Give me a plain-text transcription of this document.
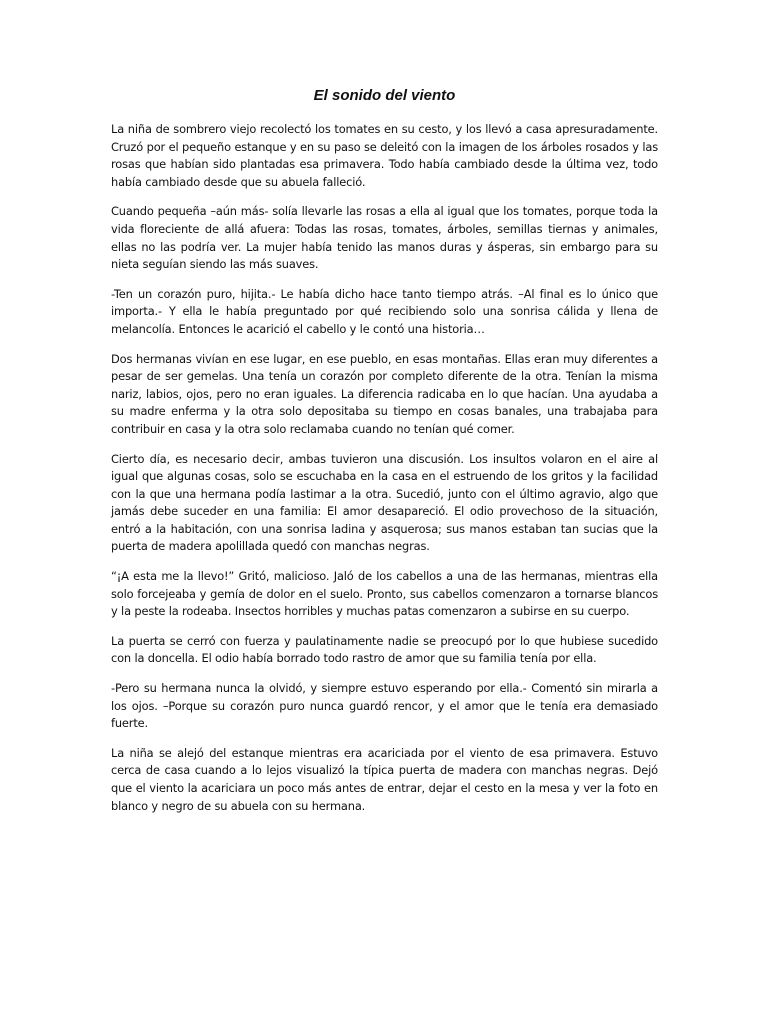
El sonido del viento

La niña de sombrero viejo recolectó los tomates en su cesto, y los llevó a casa apresuradamente. Cruzó por el pequeño estanque y en su paso se deleitó con la imagen de los árboles rosados y las rosas que habían sido plantadas esa primavera. Todo había cambiado desde la última vez, todo había cambiado desde que su abuela falleció.

Cuando pequeña –aún más- solía llevarle las rosas a ella al igual que los tomates, porque toda la vida floreciente de allá afuera: Todas las rosas, tomates, árboles, semillas tiernas y animales, ellas no las podría ver. La mujer había tenido las manos duras y ásperas, sin embargo para su nieta seguían siendo las más suaves.

-Ten un corazón puro, hijita.- Le había dicho hace tanto tiempo atrás. –Al final es lo único que importa.- Y ella le había preguntado por qué recibiendo solo una sonrisa cálida y llena de melancolía. Entonces le acarició el cabello y le contó una historia…

Dos hermanas vivían en ese lugar, en ese pueblo, en esas montañas. Ellas eran muy diferentes a pesar de ser gemelas. Una tenía un corazón por completo diferente de la otra. Tenían la misma nariz, labios, ojos, pero no eran iguales. La diferencia radicaba en lo que hacían. Una ayudaba a su madre enferma y la otra solo depositaba su tiempo en cosas banales, una trabajaba para contribuir en casa y la otra solo reclamaba cuando no tenían qué comer.

Cierto día, es necesario decir, ambas tuvieron una discusión. Los insultos volaron en el aire al igual que algunas cosas, solo se escuchaba en la casa en el estruendo de los gritos y la facilidad con la que una hermana podía lastimar a la otra. Sucedió, junto con el último agravio, algo que jamás debe suceder en una familia: El amor desapareció. El odio provechoso de la situación, entró a la habitación, con una sonrisa ladina y asquerosa; sus manos estaban tan sucias que la puerta de madera apolillada quedó con manchas negras.

“¡A esta me la llevo!” Gritó, malicioso. Jaló de los cabellos a una de las hermanas, mientras ella solo forcejeaba y gemía de dolor en el suelo. Pronto, sus cabellos comenzaron a tornarse blancos y la peste la rodeaba. Insectos horribles y muchas patas comenzaron a subirse en su cuerpo.

La puerta se cerró con fuerza y paulatinamente nadie se preocupó por lo que hubiese sucedido con la doncella. El odio había borrado todo rastro de amor que su familia tenía por ella.

-Pero su hermana nunca la olvidó, y siempre estuvo esperando por ella.- Comentó sin mirarla a los ojos. –Porque su corazón puro nunca guardó rencor, y el amor que le tenía era demasiado fuerte.

La niña se alejó del estanque mientras era acariciada por el viento de esa primavera. Estuvo cerca de casa cuando a lo lejos visualizó la típica puerta de madera con manchas negras. Dejó que el viento la acariciara un poco más antes de entrar, dejar el cesto en la mesa y ver la foto en blanco y negro de su abuela con su hermana.
